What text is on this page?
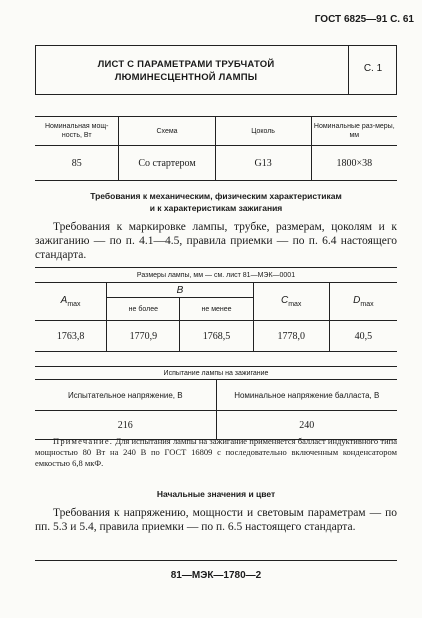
ГОСТ 6825—91 С. 61
ЛИСТ С ПАРАМЕТРАМИ ТРУБЧАТОЙ
ЛЮМИНЕСЦЕНТНОЙ ЛАМПЫ
С. 1
Номинальная мощ-ность, Вт	Схема	Цоколь	Номинальные раз-меры, мм
85	Со стартером	G13	1800×38
Требования к механическим, физическим характеристикам
и к характеристикам зажигания
Требования к маркировке лампы, трубке, размерам, цоколям и к зажиганию — по п. 4.1—4.5, правила приемки — по п. 6.4 настоящего стандарта.
Размеры лампы, мм — см. лист 81—МЭК—0001				
$A_{max}$	B		$C_{max}$	$D_{max}$
	не более	не менее		
1763,8	1770,9	1768,5	1778,0	40,5
Испытание лампы на зажигание	
Испытательное напряжение, В	Номинальное напряжение балласта, В
216	240
Примечание. Для испытания лампы на зажигание применяется балласт индуктивного типа мощностью 80 Вт на 240 В по ГОСТ 16809 с последовательно включенным конденсатором емкостью 6,8 мкФ.
Начальные значения и цвет
Требования к напряжению, мощности и световым параметрам — по пп. 5.3 и 5.4, правила приемки — по п. 6.5 настоящего стандарта.
81—МЭК—1780—2
